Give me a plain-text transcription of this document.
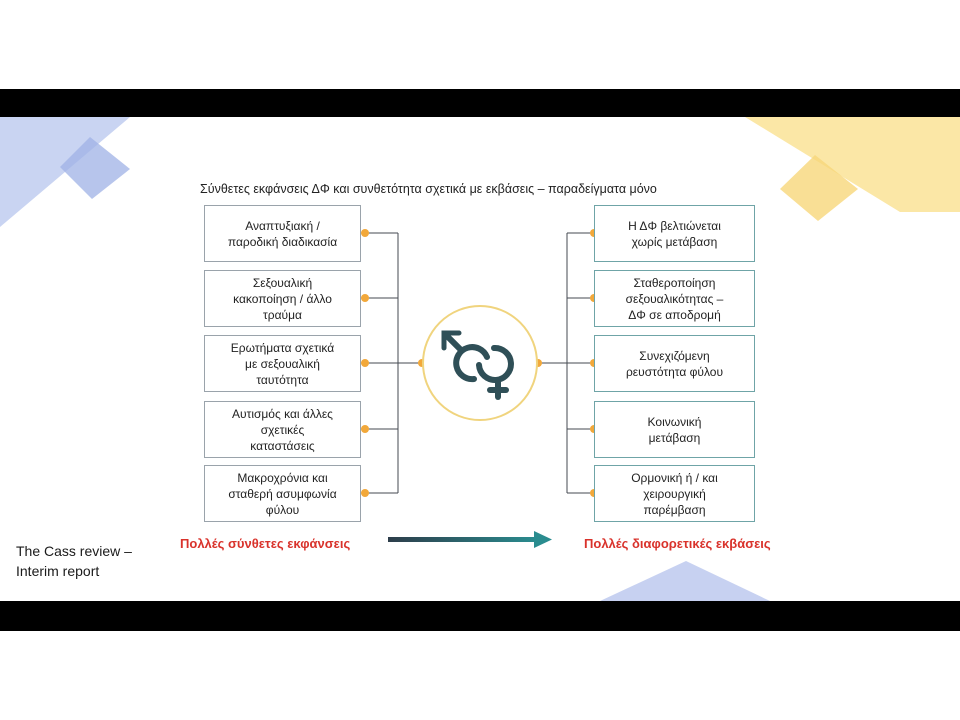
Σύνθετες εκφάνσεις ΔΦ και συνθετότητα σχετικά με εκβάσεις – παραδείγματα μόνο
Αναπτυξιακή /
παροδική διαδικασία
Σεξουαλική
κακοποίηση / άλλο
τραύμα
Ερωτήματα σχετικά
με σεξουαλική
ταυτότητα
Αυτισμός και άλλες
σχετικές
καταστάσεις
Μακροχρόνια και
σταθερή ασυμφωνία
φύλου
Η ΔΦ βελτιώνεται
χωρίς μετάβαση
Σταθεροποίηση
σεξουαλικότητας –
ΔΦ σε αποδρομή
Συνεχιζόμενη
ρευστότητα φύλου
Κοινωνική
μετάβαση
Ορμονική ή / και
χειρουργική
παρέμβαση
Πολλές σύνθετες εκφάνσεις	Πολλές διαφορετικές εκβάσεις
The Cass review –
Interim report
